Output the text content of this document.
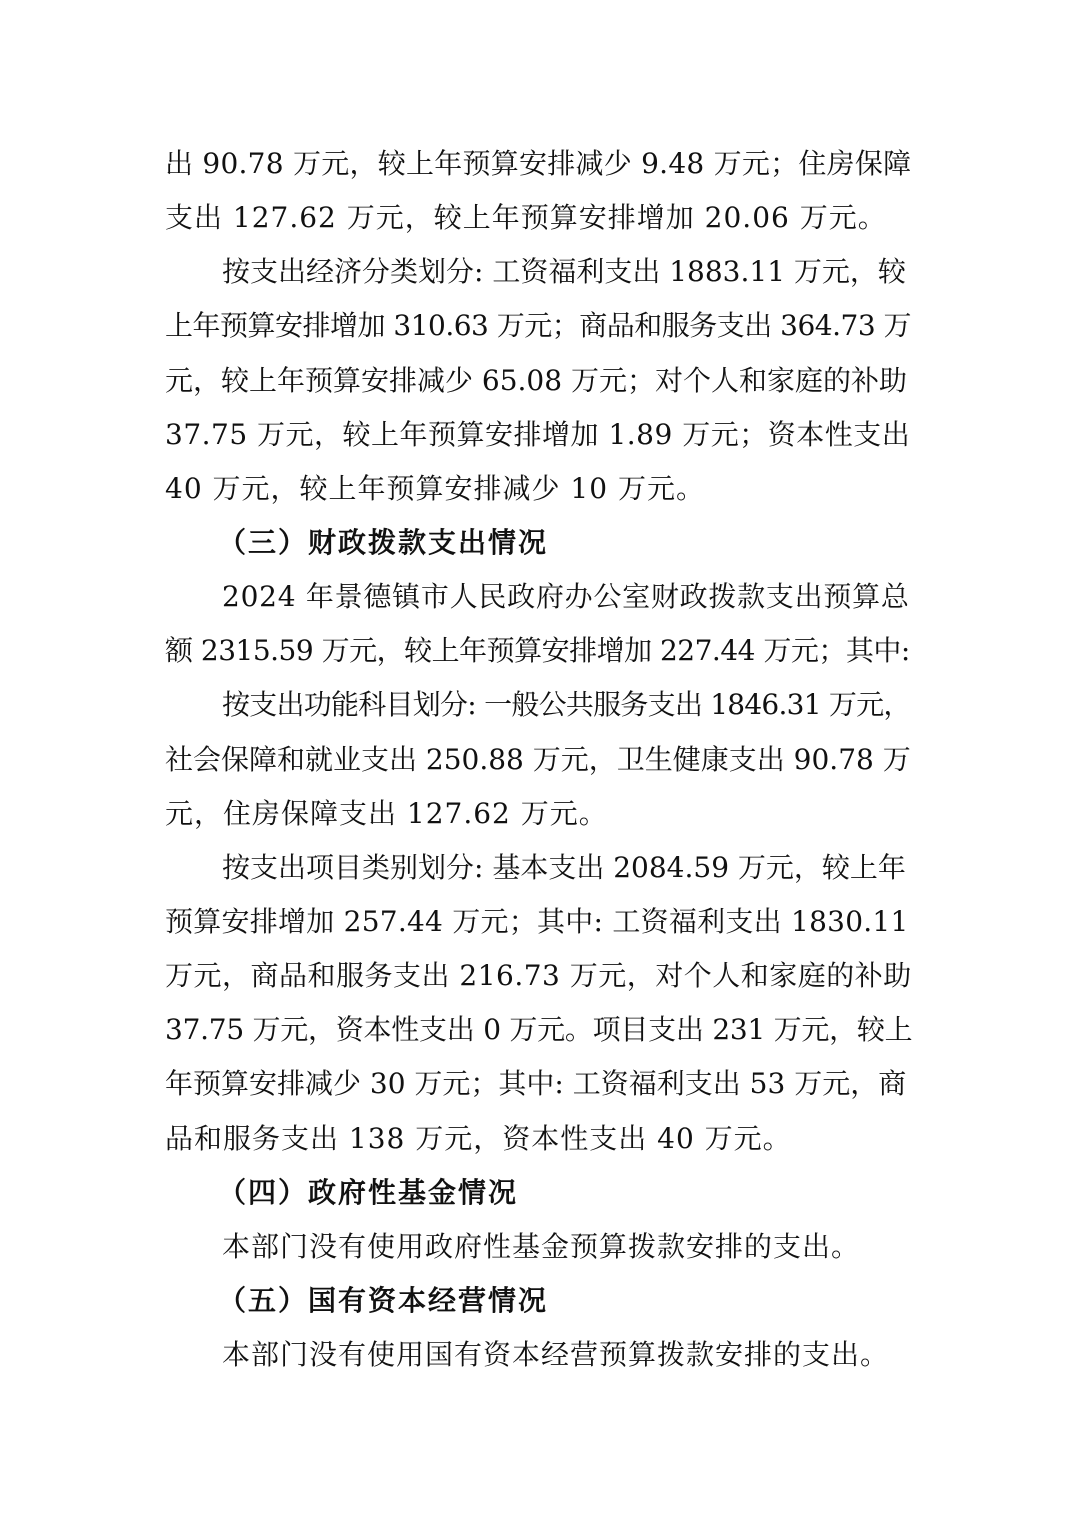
出 90.78 万元，较上年预算安排减少 9.48 万元；住房保障
支出 127.62 万元，较上年预算安排增加 20.06 万元。
按支出经济分类划分: 工资福利支出 1883.11 万元，较
上年预算安排增加 310.63 万元；商品和服务支出 364.73 万
元，较上年预算安排减少 65.08 万元；对个人和家庭的补助
37.75 万元，较上年预算安排增加 1.89 万元；资本性支出
40 万元，较上年预算安排减少 10 万元。
（三）财政拨款支出情况
2024 年景德镇市人民政府办公室财政拨款支出预算总
额 2315.59 万元，较上年预算安排增加 227.44 万元；其中:
按支出功能科目划分: 一般公共服务支出 1846.31 万元，
社会保障和就业支出 250.88 万元，卫生健康支出 90.78 万
元，住房保障支出 127.62 万元。
按支出项目类别划分: 基本支出 2084.59 万元，较上年
预算安排增加 257.44 万元；其中: 工资福利支出 1830.11
万元，商品和服务支出 216.73 万元，对个人和家庭的补助
37.75 万元，资本性支出 0 万元。项目支出 231 万元，较上
年预算安排减少 30 万元；其中: 工资福利支出 53 万元，商
品和服务支出 138 万元，资本性支出 40 万元。
（四）政府性基金情况
本部门没有使用政府性基金预算拨款安排的支出。
（五）国有资本经营情况
本部门没有使用国有资本经营预算拨款安排的支出。
